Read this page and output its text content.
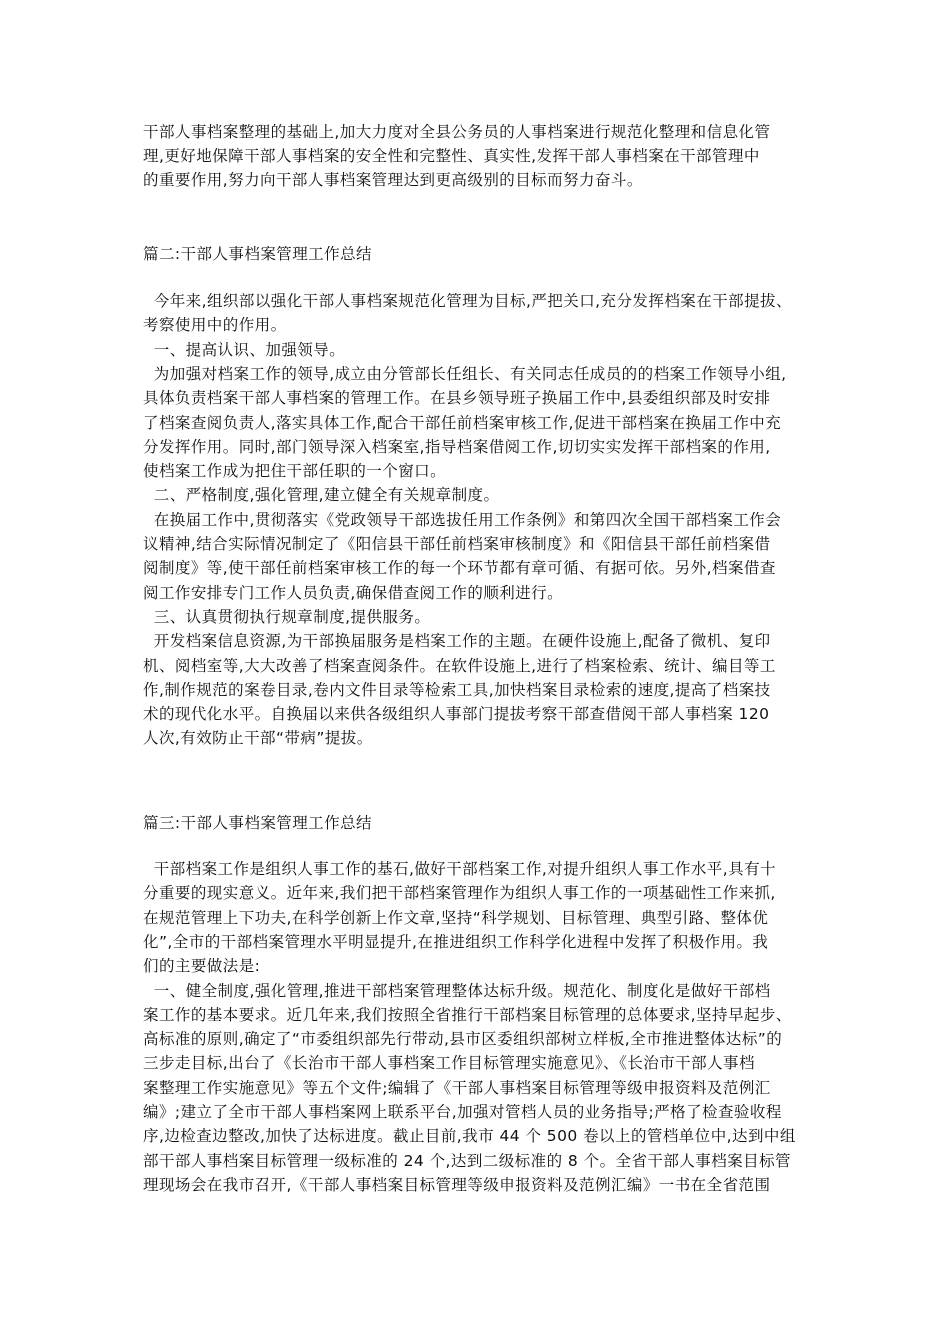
干部人事档案整理的基础上,加大力度对全县公务员的人事档案进行规范化整理和信息化管
理,更好地保障干部人事档案的安全性和完整性、真实性,发挥干部人事档案在干部管理中
的重要作用,努力向干部人事档案管理达到更高级别的目标而努力奋斗。
篇二:干部人事档案管理工作总结
今年来,组织部以强化干部人事档案规范化管理为目标,严把关口,充分发挥档案在干部提拔、
考察使用中的作用。
一、提高认识、加强领导。
为加强对档案工作的领导,成立由分管部长任组长、有关同志任成员的的档案工作领导小组,
具体负责档案干部人事档案的管理工作。在县乡领导班子换届工作中,县委组织部及时安排
了档案查阅负责人,落实具体工作,配合干部任前档案审核工作,促进干部档案在换届工作中充
分发挥作用。同时,部门领导深入档案室,指导档案借阅工作,切切实实发挥干部档案的作用,
使档案工作成为把住干部任职的一个窗口。
二、严格制度,强化管理,建立健全有关规章制度。
在换届工作中,贯彻落实《党政领导干部选拔任用工作条例》和第四次全国干部档案工作会
议精神,结合实际情况制定了《阳信县干部任前档案审核制度》和《阳信县干部任前档案借
阅制度》等,使干部任前档案审核工作的每一个环节都有章可循、有据可依。另外,档案借查
阅工作安排专门工作人员负责,确保借查阅工作的顺利进行。
三、认真贯彻执行规章制度,提供服务。
开发档案信息资源,为干部换届服务是档案工作的主题。在硬件设施上,配备了微机、复印
机、阅档室等,大大改善了档案查阅条件。在软件设施上,进行了档案检索、统计、编目等工
作,制作规范的案卷目录,卷内文件目录等检索工具,加快档案目录检索的速度,提高了档案技
术的现代化水平。自换届以来供各级组织人事部门提拔考察干部查借阅干部人事档案 120
人次,有效防止干部“带病”提拔。
篇三:干部人事档案管理工作总结
干部档案工作是组织人事工作的基石,做好干部档案工作,对提升组织人事工作水平,具有十
分重要的现实意义。近年来,我们把干部档案管理作为组织人事工作的一项基础性工作来抓,
在规范管理上下功夫,在科学创新上作文章,坚持“科学规划、目标管理、典型引路、整体优
化”,全市的干部档案管理水平明显提升,在推进组织工作科学化进程中发挥了积极作用。我
们的主要做法是:
一、健全制度,强化管理,推进干部档案管理整体达标升级。规范化、制度化是做好干部档
案工作的基本要求。近几年来,我们按照全省推行干部档案目标管理的总体要求,坚持早起步、
高标准的原则,确定了“市委组织部先行带动,县市区委组织部树立样板,全市推进整体达标”的
三步走目标,出台了《长治市干部人事档案工作目标管理实施意见》、《长治市干部人事档
案整理工作实施意见》等五个文件;编辑了《干部人事档案目标管理等级申报资料及范例汇
编》;建立了全市干部人事档案网上联系平台,加强对管档人员的业务指导;严格了检查验收程
序,边检查边整改,加快了达标进度。截止目前,我市 44 个 500 卷以上的管档单位中,达到中组
部干部人事档案目标管理一级标准的 24 个,达到二级标准的 8 个。全省干部人事档案目标管
理现场会在我市召开,《干部人事档案目标管理等级申报资料及范例汇编》一书在全省范围
